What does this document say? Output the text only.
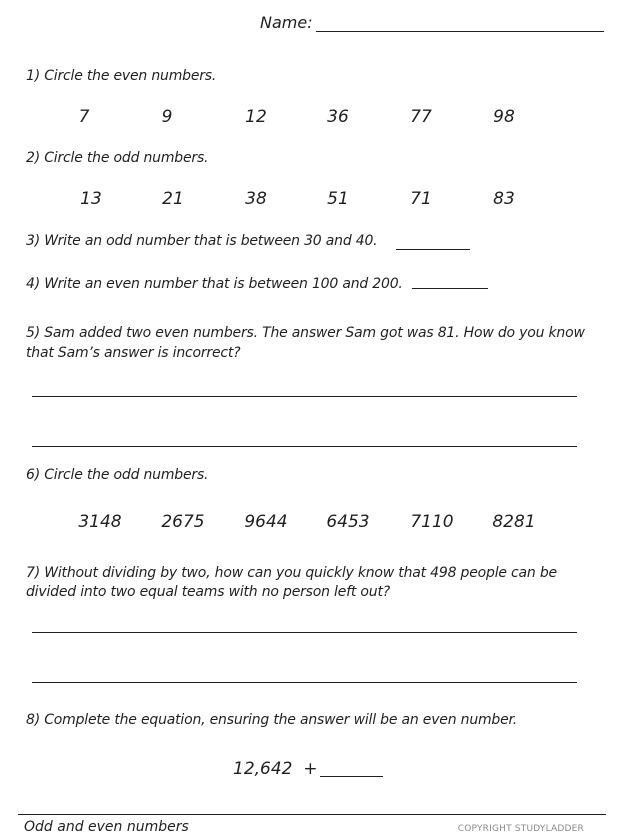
Name:
1) Circle the even numbers.
7	9	12	36	77	98
2) Circle the odd numbers.
13	21	38	51	71	83
3) Write an odd number that is between 30 and 40.
4) Write an even number that is between 100 and 200.
5) Sam added two even numbers. The answer Sam got was 81. How do you know
that Sam’s answer is incorrect?
6) Circle the odd numbers.
3148	2675	9644	6453	7110	8281
7) Without dividing by two, how can you quickly know that 498 people can be
divided into two equal teams with no person left out?
8) Complete the equation, ensuring the answer will be an even number.
12,642  +
Odd and even numbers	COPYRIGHT STUDYLADDER
